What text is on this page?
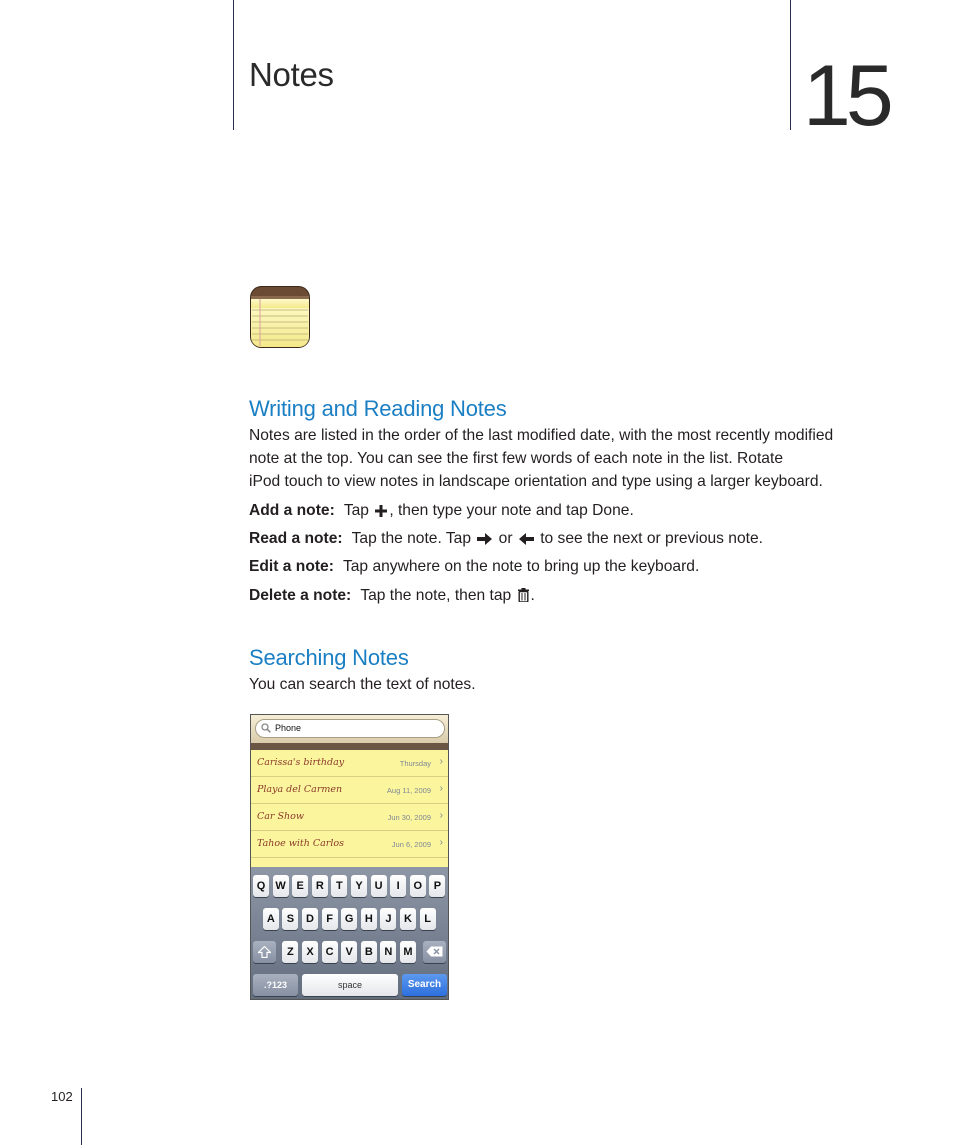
Notes	15
Writing and Reading Notes
Notes are listed in the order of the last modified date, with the most recently modified
note at the top. You can see the first few words of each note in the list. Rotate
iPod touch to view notes in landscape orientation and type using a larger keyboard.
Add a note: Tap , then type your note and tap Done.
Read a note: Tap the note. Tap  or  to see the next or previous note.
Edit a note: Tap anywhere on the note to bring up the keyboard.
Delete a note: Tap the note, then tap .
Searching Notes
You can search the text of notes.
Phone
Carissa's birthday	Thursday ›
Playa del Carmen	Aug 11, 2009 ›
Car Show	Jun 30, 2009 ›
Tahoe with Carlos	Jun 6, 2009 ›
Q W E	R	T	Y	U	I	O	P
A	S	D	F	G	H	J	K	L
Z	X	C	V	B	N	M
.?123	space	Search
102
